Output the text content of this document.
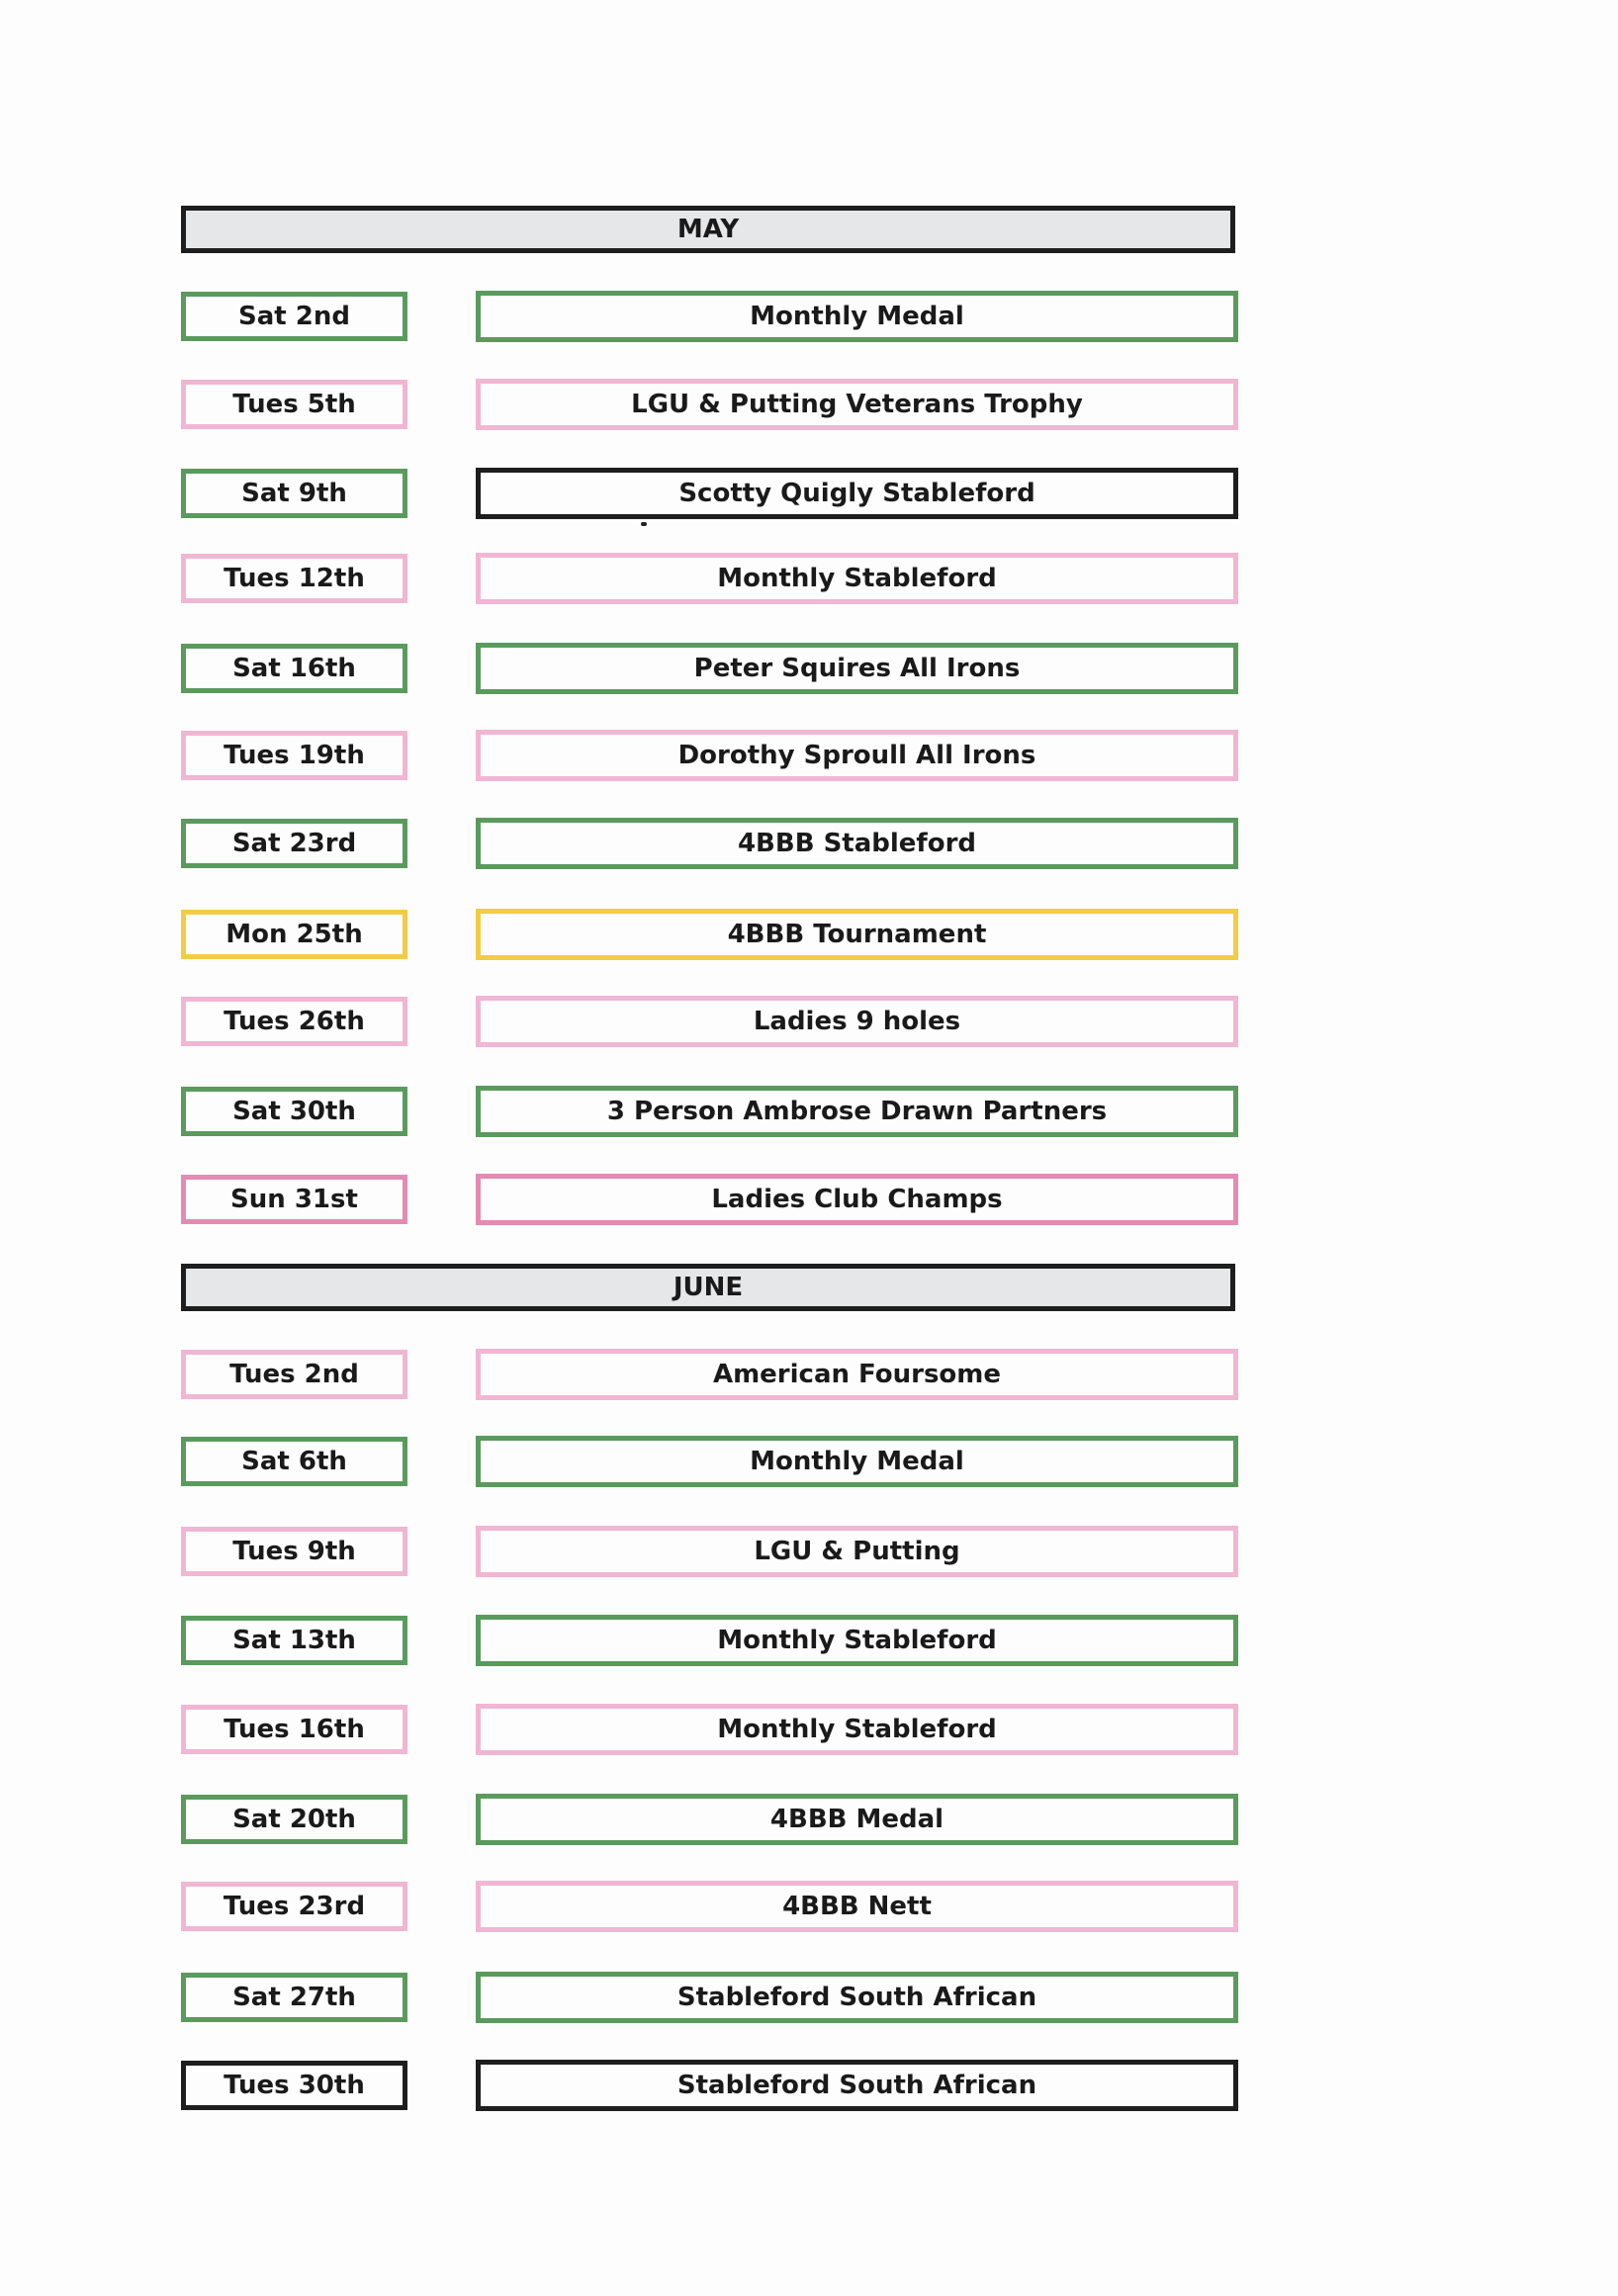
MAY
Sat 2nd	Monthly Medal
Tues 5th	LGU & Putting Veterans Trophy
Sat 9th	Scotty Quigly Stableford
Tues 12th	Monthly Stableford
Sat 16th	Peter Squires All Irons
Tues 19th	Dorothy Sproull All Irons
Sat 23rd	4BBB Stableford
Mon 25th	4BBB Tournament
Tues 26th	Ladies 9 holes
Sat 30th	3 Person Ambrose Drawn Partners
Sun 31st	Ladies Club Champs
JUNE
Tues 2nd	American Foursome
Sat 6th	Monthly Medal
Tues 9th	LGU & Putting
Sat 13th	Monthly Stableford
Tues 16th	Monthly Stableford
Sat 20th	4BBB Medal
Tues 23rd	4BBB Nett
Sat 27th	Stableford South African
Tues 30th	Stableford South African
